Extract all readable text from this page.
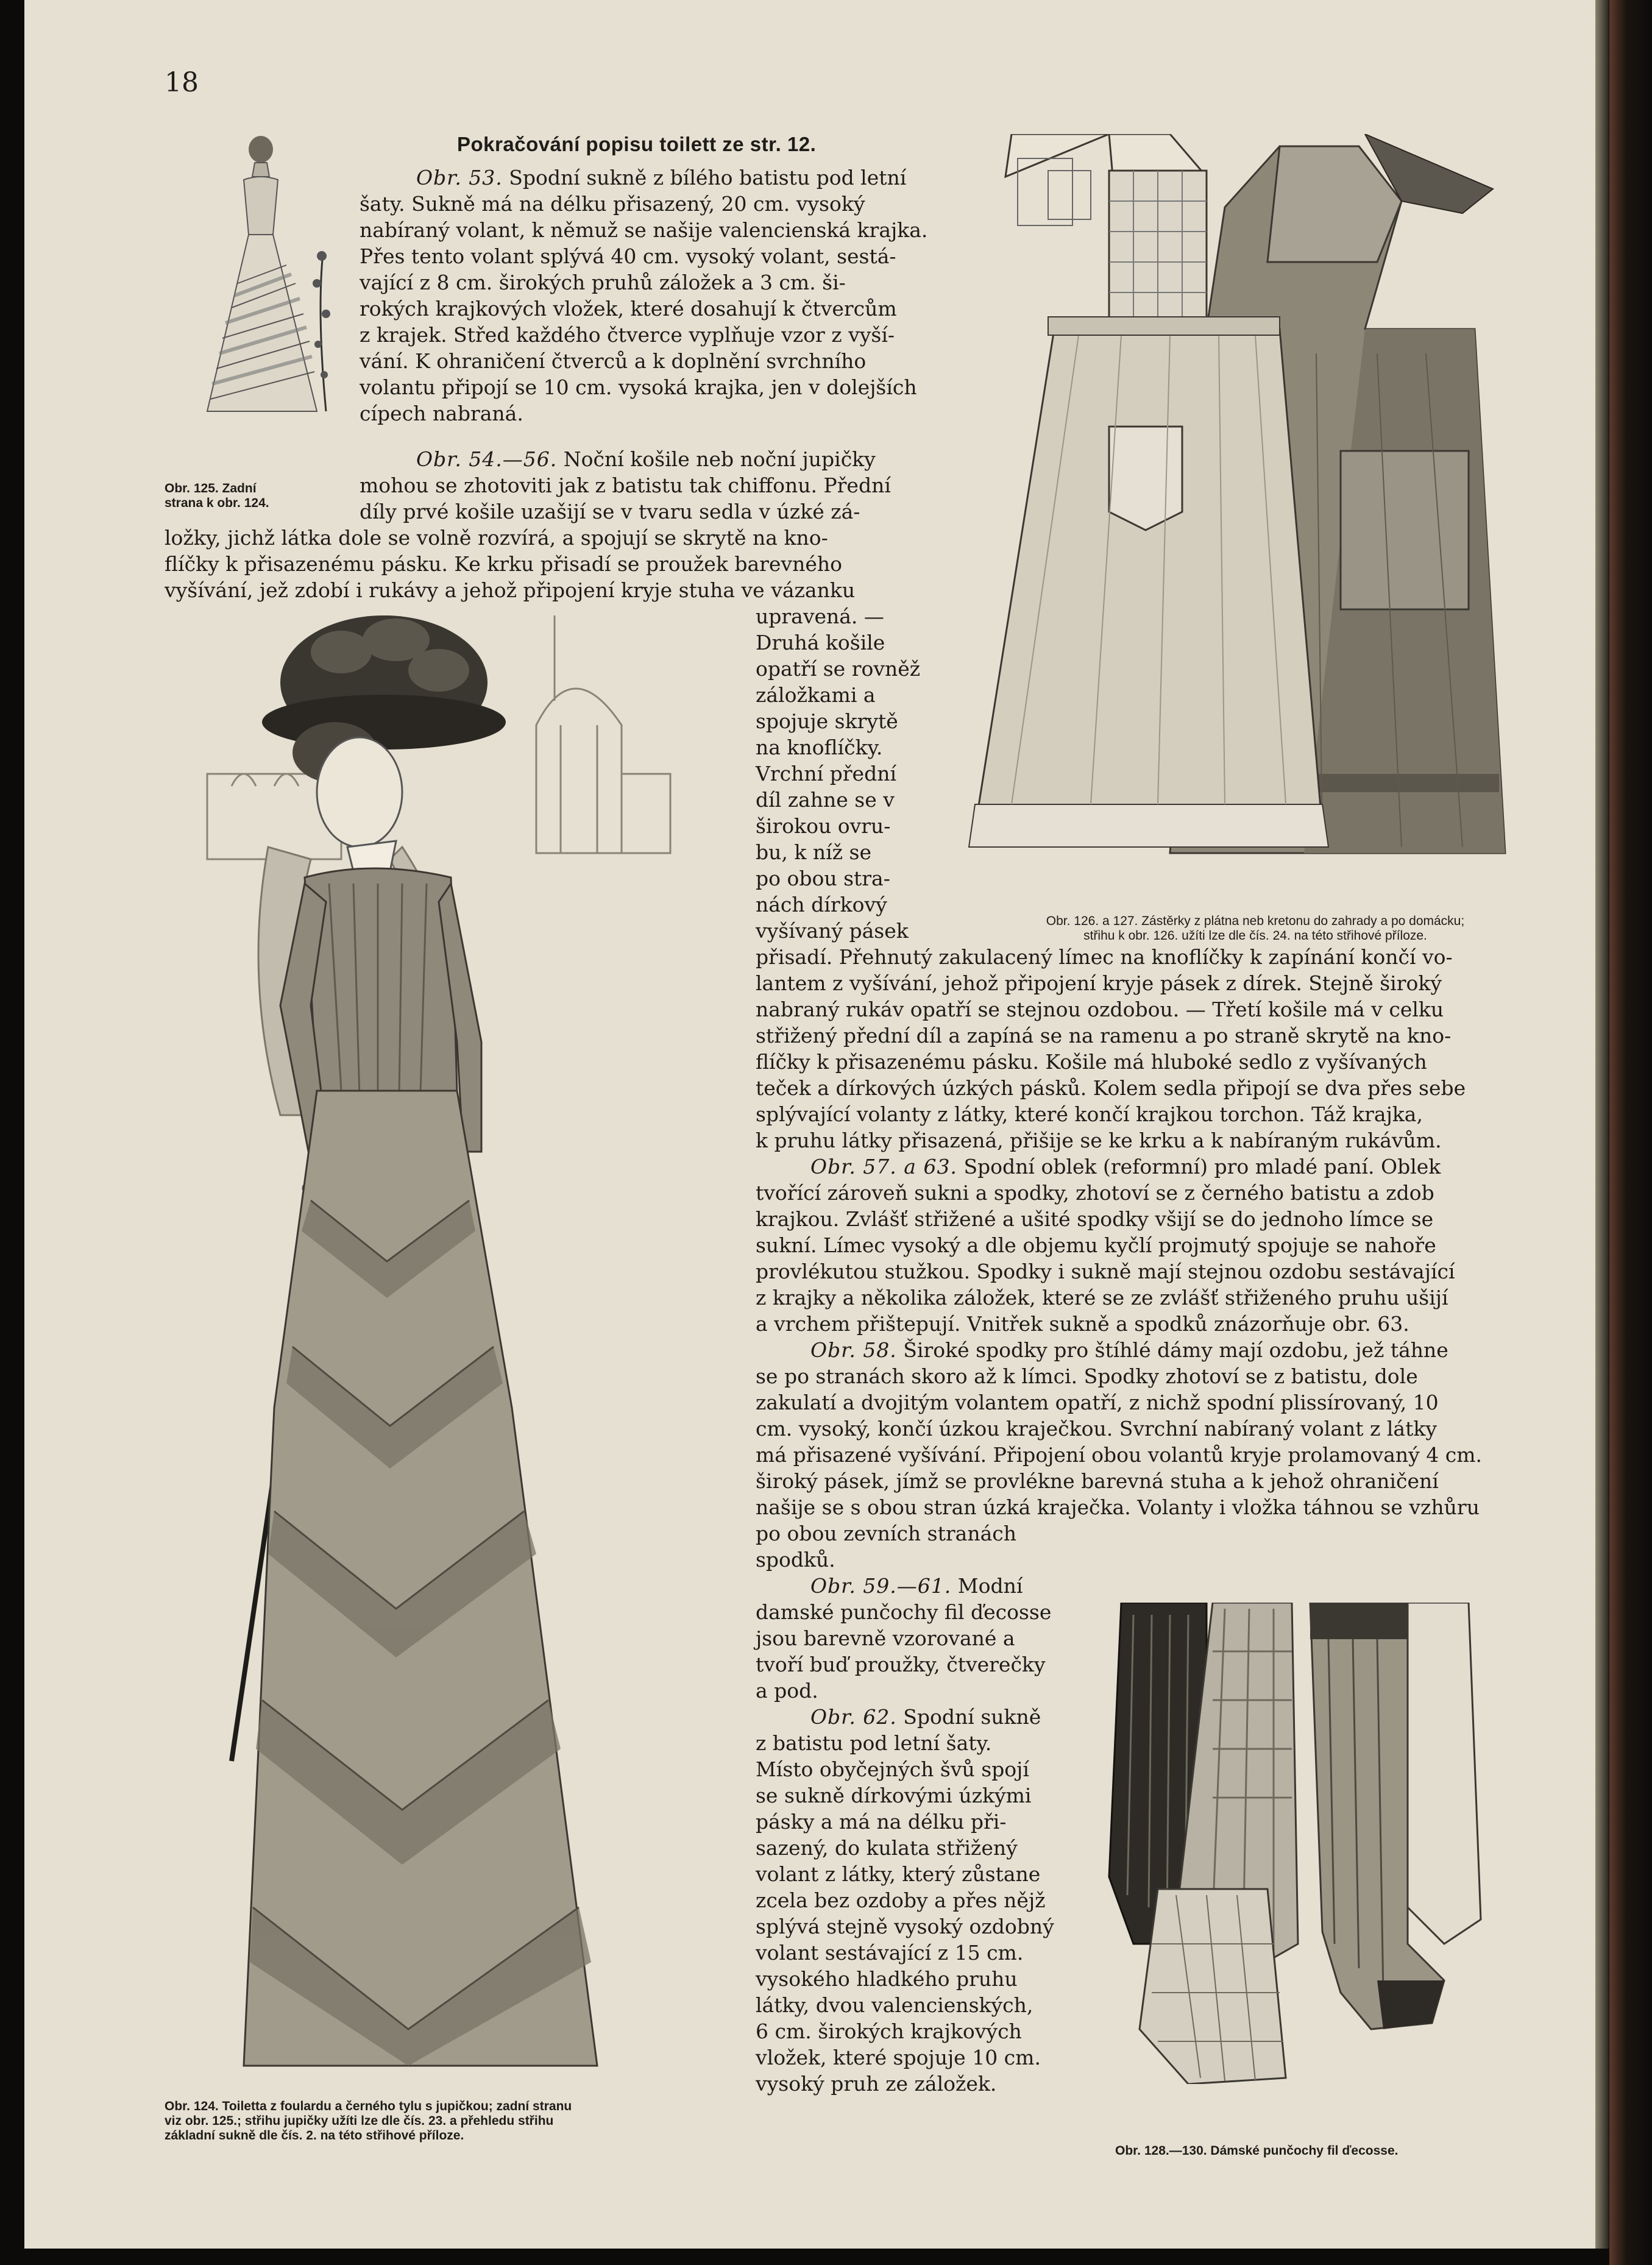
18
Pokračování popisu toilett ze str. 12.
Obr. 125. Zadní
strana k obr. 124.
Obr. 53. Spodní sukně z bílého batistu pod letní
šaty. Sukně má na délku přisazený, 20 cm. vysoký
nabíraný volant, k němuž se našije valencienská krajka.
Přes tento volant splývá 40 cm. vysoký volant, sestá-
vající z 8 cm. širokých pruhů záložek a 3 cm. ši-
rokých krajkových vložek, které dosahují k čtvercům
z krajek. Střed každého čtverce vyplňuje vzor z vyší-
vání. K ohraničení čtverců a k doplnění svrchního
volantu připojí se 10 cm. vysoká krajka, jen v dolejších
cípech nabraná.
Obr. 54.—56. Noční košile neb noční jupičky
mohou se zhotoviti jak z batistu tak chiffonu. Přední
díly prvé košile uzašijí se v tvaru sedla v úzké zá-
ložky, jichž látka dole se volně rozvírá, a spojují se skrytě na kno-
flíčky k přisazenému pásku. Ke krku přisadí se proužek barevného
vyšívání, jež zdobí i rukávy a jehož připojení kryje stuha ve vázanku
upravená. —
Druhá košile
opatří se rovněž
záložkami a
spojuje skrytě
na knoflíčky.
Vrchní přední
díl zahne se v
širokou ovru-
bu, k níž se
po obou stra-
nách dírkový
vyšívaný pásek
přisadí. Přehnutý zakulacený límec na knoflíčky k zapínání končí vo-
lantem z vyšívání, jehož připojení kryje pásek z dírek. Stejně široký
nabraný rukáv opatří se stejnou ozdobou. — Třetí košile má v celku
střižený přední díl a zapíná se na ramenu a po straně skrytě na kno-
flíčky k přisazenému pásku. Košile má hluboké sedlo z vyšívaných
teček a dírkových úzkých pásků. Kolem sedla připojí se dva přes sebe
splývající volanty z látky, které končí krajkou torchon. Táž krajka,
k pruhu látky přisazená, přišije se ke krku a k nabíraným rukávům.
Obr. 57. a 63. Spodní oblek (reformní) pro mladé paní. Oblek
tvořící zároveň sukni a spodky, zhotoví se z černého batistu a zdob
krajkou. Zvlášť střižené a ušité spodky všijí se do jednoho límce se
sukní. Límec vysoký a dle objemu kyčlí projmutý spojuje se nahoře
provlékutou stužkou. Spodky i sukně mají stejnou ozdobu sestávající
z krajky a několika záložek, které se ze zvlášť střiženého pruhu ušijí
a vrchem přištepují. Vnitřek sukně a spodků znázorňuje obr. 63.
Obr. 58. Široké spodky pro štíhlé dámy mají ozdobu, jež táhne
se po stranách skoro až k límci. Spodky zhotoví se z batistu, dole
zakulatí a dvojitým volantem opatří, z nichž spodní plissírovaný, 10
cm. vysoký, končí úzkou kraječkou. Svrchní nabíraný volant z látky
má přisazené vyšívání. Připojení obou volantů kryje prolamovaný 4 cm.
široký pásek, jímž se provlékne barevná stuha a k jehož ohraničení
našije se s obou stran úzká kraječka. Volanty i vložka táhnou se vzhůru
po obou zevních stranách
spodků.
Obr. 59.—61. Modní
damské punčochy fil ďecosse
jsou barevně vzorované a
tvoří buď proužky, čtverečky
a pod.
Obr. 62. Spodní sukně
z batistu pod letní šaty.
Místo obyčejných švů spojí
se sukně dírkovými úzkými
pásky a má na délku při-
sazený, do kulata střižený
volant z látky, který zůstane
zcela bez ozdoby a přes nějž
splývá stejně vysoký ozdobný
volant sestávající z 15 cm.
vysokého hladkého pruhu
látky, dvou valencienských,
6 cm. širokých krajkových
vložek, které spojuje 10 cm.
vysoký pruh ze záložek.
Obr. 126. a 127. Zástěrky z plátna neb kretonu do zahrady a po domácku;
střihu k obr. 126. užíti lze dle čís. 24. na této střihové příloze.
Obr. 124. Toiletta z foulardu a černého tylu s jupičkou; zadní stranu
viz obr. 125.; střihu jupičky užíti lze dle čís. 23. a přehledu střihu
základní sukně dle čís. 2. na této střihové příloze.
Obr. 128.—130. Dámské punčochy fil ďecosse.
